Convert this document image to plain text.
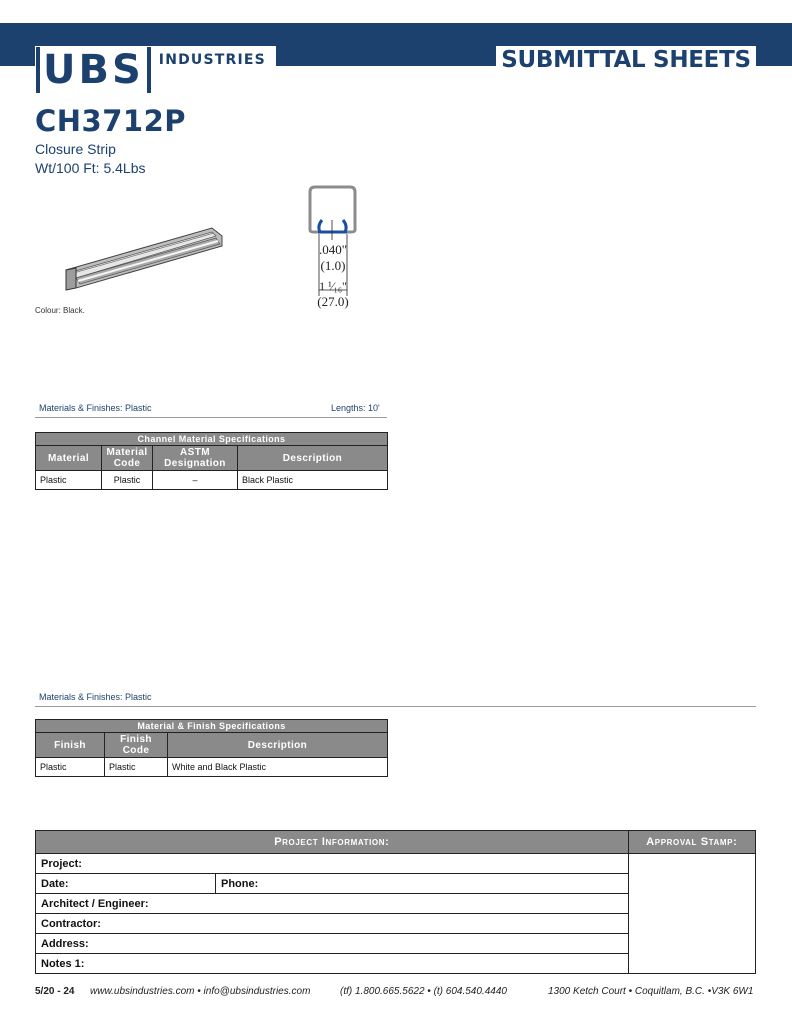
UBS INDUSTRIES	SUBMITTAL SHEETS
CH3712P
Closure Strip
Wt/100 Ft: 5.4Lbs
Colour: Black.
.040"
(1.0)
1 ¹⁄₁₆"
(27.0)
Materials & Finishes: Plastic	Lengths: 10'
Channel Material Specifications			
Material	Material Code	ASTM Designation	Description
Plastic	Plastic	–	Black Plastic
Materials & Finishes: Plastic
Material & Finish Specifications		
Finish	Finish Code	Description
Plastic	Plastic	White and Black Plastic
Project Information:		Approval Stamp:
Project:		
Date:	Phone:	
Architect / Engineer:		
Contractor:		
Address:		
Notes 1:		
5/20 - 24 www.ubsindustries.com • info@ubsindustries.com	(tf) 1.800.665.5622 • (t) 604.540.4440	1300 Ketch Court • Coquitlam, B.C. •V3K 6W1
